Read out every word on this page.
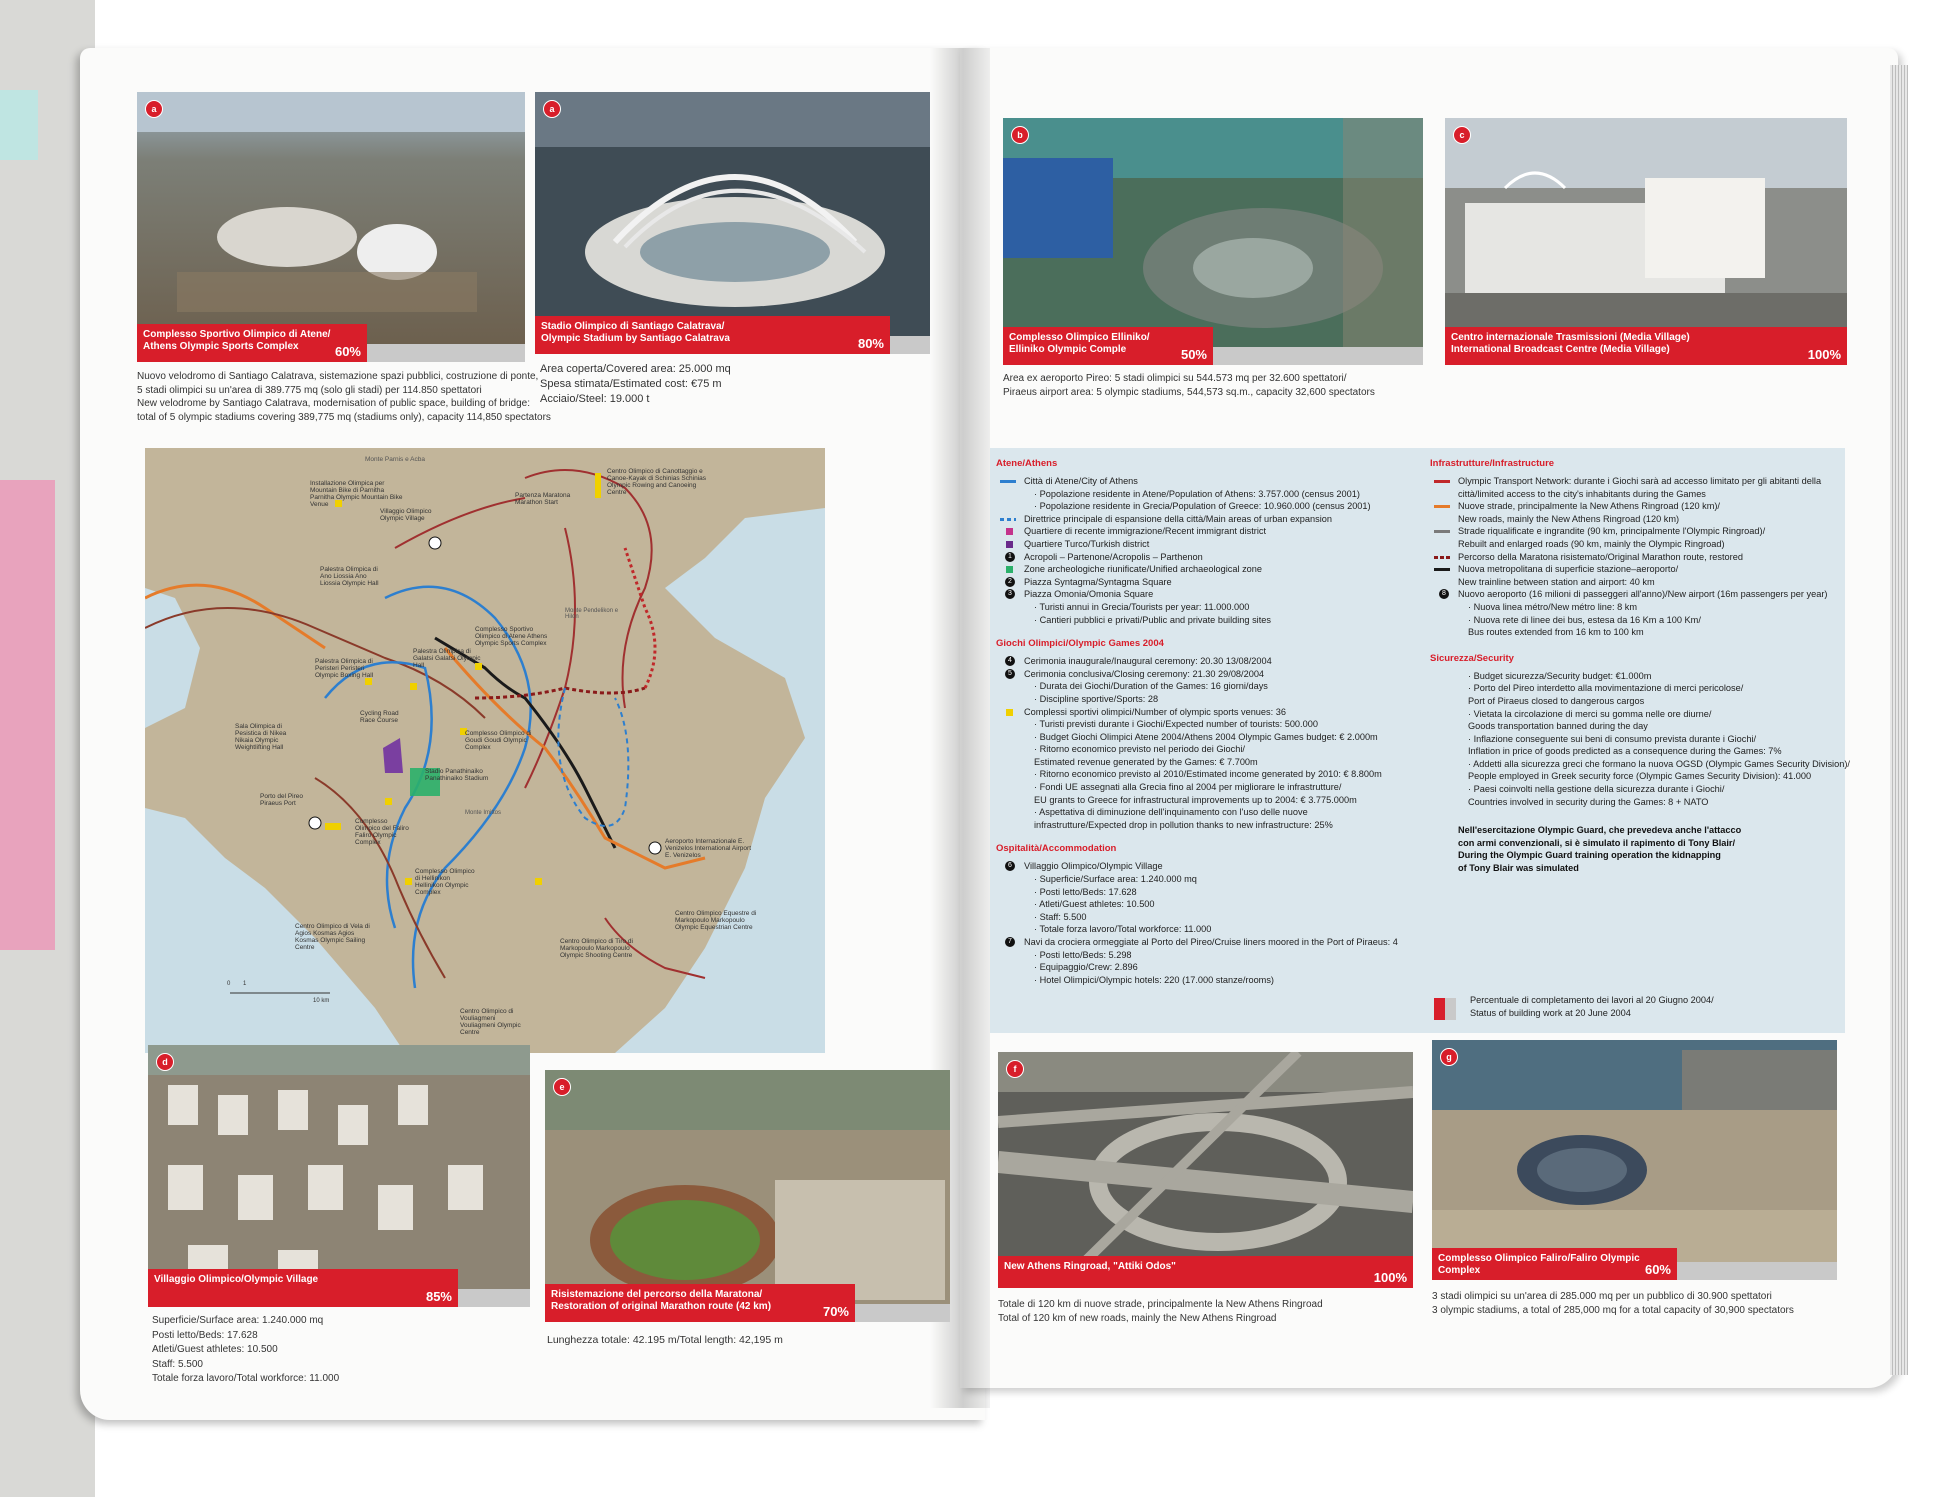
a
Complesso Sportivo Olimpico di Atene/
Athens Olympic Sports Complex	60%
Nuovo velodromo di Santiago Calatrava, sistemazione spazi pubblici, costruzione di ponte,
5 stadi olimpici su un'area di 389.775 mq (solo gli stadi) per 114.850 spettatori
New velodrome by Santiago Calatrava, modernisation of public space, building of bridge:
total of 5 olympic stadiums covering 389,775 mq (stadiums only), capacity 114,850 spectators
a
Stadio Olimpico di Santiago Calatrava/
Olympic Stadium by Santiago Calatrava	80%
Area coperta/Covered area: 25.000 mq
Spesa stimata/Estimated cost: €75 m
Acciaio/Steel: 19.000 t
b
Complesso Olimpico Elliniko/
Elliniko Olympic Comple	50%
Area ex aeroporto Pireo: 5 stadi olimpici su 544.573 mq per 32.600 spettatori/
Piraeus airport area: 5 olympic stadiums, 544,573 sq.m., capacity 32,600 spectators
c
Centro internazionale Trasmissioni (Media Village)
International Broadcast Centre (Media Village)	100%
Monte Parnis e Acba
Installazione Olimpica per Mountain Bike di Parnitha Parnitha Olympic Mountain Bike Venue
Villaggio Olimpico Olympic Village
Partenza Maratona Marathon Start
Centro Olimpico di Canottaggio e Canoe-Kayak di Schinias Schinias Olympic Rowing and Canoeing Centre
Palestra Olimpica di Ano Liossia Ano Liossia Olympic Hall
Complesso Sportivo Olimpico di Atene Athens Olympic Sports Complex
Monte Pendelikon e Hilon
Palestra Olimpica di Peristeri Peristeri Olympic Boxing Hall
Palestra Olimpica di Galatsi Galatsi Olympic Hall
Cycling Road Race Course
Sala Olimpica di Pesistica di Nikea Nikaia Olympic Weightlifting Hall
Complesso Olimpico di Goudi Goudi Olympic Complex
Stadio Panathinaiko Panathinaiko Stadium
Monte Imittos
Porto del Pireo Piraeus Port
Complesso Olimpico del Faliro Faliro Olympic Complex	Aeroporto Internazionale E. Venizelos International Airport E. Venizelos
Complesso Olimpico di Hellinikon Hellinikon Olympic Complex
Centro Olimpico Equestre di Markopoulo Markopoulo Olympic Equestrian Centre
Centro Olimpico di Vela di Agios Kosmas Agios Kosmas Olympic Sailing Centre
Centro Olimpico di Tiro di Markopoulo Markopoulo Olympic Shooting Centre
Centro Olimpico di Vouliagmeni Vouliagmeni Olympic Centre
0 1
10 km
Atene/Athens
Città di Atene/City of Athens
· Popolazione residente in Atene/Population of Athens: 3.757.000 (census 2001)
· Popolazione residente in Grecia/Population of Greece: 10.960.000 (census 2001)
Direttrice principale di espansione della città/Main areas of urban expansion
Quartiere di recente immigrazione/Recent immigrant district
Quartiere Turco/Turkish district
1	Acropoli – Partenone/Acropolis – Parthenon
Zone archeologiche riunificate/Unified archaeological zone
2	Piazza Syntagma/Syntagma Square
3	Piazza Omonia/Omonia Square
· Turisti annui in Grecia/Tourists per year: 11.000.000
· Cantieri pubblici e privati/Public and private building sites
Giochi Olimpici/Olympic Games 2004
4	Cerimonia inaugurale/Inaugural ceremony: 20.30 13/08/2004
5	Cerimonia conclusiva/Closing ceremony: 21.30 29/08/2004
· Durata dei Giochi/Duration of the Games: 16 giorni/days
· Discipline sportive/Sports: 28
Complessi sportivi olimpici/Number of olympic sports venues: 36
· Turisti previsti durante i Giochi/Expected number of tourists: 500.000
· Budget Giochi Olimpici Atene 2004/Athens 2004 Olympic Games budget: € 2.000m
· Ritorno economico previsto nel periodo dei Giochi/
Estimated revenue generated by the Games: € 7.700m
· Ritorno economico previsto al 2010/Estimated income generated by 2010: € 8.800m
· Fondi UE assegnati alla Grecia fino al 2004 per migliorare le infrastrutture/
EU grants to Greece for infrastructural improvements up to 2004: € 3.775.000m
· Aspettativa di diminuzione dell'inquinamento con l'uso delle nuove
infrastrutture/Expected drop in pollution thanks to new infrastructure: 25%
Ospitalità/Accommodation
6	Villaggio Olimpico/Olympic Village
· Superficie/Surface area: 1.240.000 mq
· Posti letto/Beds: 17.628
· Atleti/Guest athletes: 10.500
· Staff: 5.500
· Totale forza lavoro/Total workforce: 11.000
7	Navi da crociera ormeggiate al Porto del Pireo/Cruise liners moored in the Port of Piraeus: 4
· Posti letto/Beds: 5.298
· Equipaggio/Crew: 2.896
· Hotel Olimpici/Olympic hotels: 220 (17.000 stanze/rooms)
Infrastrutture/Infrastructure
Olympic Transport Network: durante i Giochi sarà ad accesso limitato per gli abitanti della
città/limited access to the city's inhabitants during the Games
Nuove strade, principalmente la New Athens Ringroad (120 km)/
New roads, mainly the New Athens Ringroad (120 km)
Strade riqualificate e ingrandite (90 km, principalmente l'Olympic Ringroad)/
Rebuilt and enlarged roads (90 km, mainly the Olympic Ringroad)
Percorso della Maratona risistemato/Original Marathon route, restored
Nuova metropolitana di superficie stazione–aeroporto/
New trainline between station and airport: 40 km
8	Nuovo aeroporto (16 milioni di passeggeri all'anno)/New airport (16m passengers per year)
· Nuova linea métro/New métro line: 8 km
· Nuova rete di linee dei bus, estesa da 16 Km a 100 Km/
Bus routes extended from 16 km to 100 km
Sicurezza/Security
· Budget sicurezza/Security budget: €1.000m
· Porto del Pireo interdetto alla movimentazione di merci pericolose/
Port of Piraeus closed to dangerous cargos
· Vietata la circolazione di merci su gomma nelle ore diurne/
Goods transportation banned during the day
· Inflazione conseguente sui beni di consumo prevista durante i Giochi/
Inflation in price of goods predicted as a consequence during the Games: 7%
· Addetti alla sicurezza greci che formano la nuova OGSD (Olympic Games Security Division)/
People employed in Greek security force (Olympic Games Security Division): 41.000
· Paesi coinvolti nella gestione della sicurezza durante i Giochi/
Countries involved in security during the Games: 8 + NATO
Nell'esercitazione Olympic Guard, che prevedeva anche l'attacco
con armi convenzionali, si è simulato il rapimento di Tony Blair/
During the Olympic Guard training operation the kidnapping
of Tony Blair was simulated
Percentuale di completamento dei lavori al 20 Giugno 2004/
Status of building work at 20 June 2004
d
Villaggio Olimpico/Olympic Village
85%
Superficie/Surface area: 1.240.000 mq
Posti letto/Beds: 17.628
Atleti/Guest athletes: 10.500
Staff: 5.500
Totale forza lavoro/Total workforce: 11.000
e
Risistemazione del percorso della Maratona/
Restoration of original Marathon route (42 km)	70%
Lunghezza totale: 42.195 m/Total length: 42,195 m
f
New Athens Ringroad, "Attiki Odos"
100%
Totale di 120 km di nuove strade, principalmente la New Athens Ringroad
Total of 120 km of new roads, mainly the New Athens Ringroad
g
Complesso Olimpico Faliro/Faliro Olympic Complex	60%
3 stadi olimpici su un'area di 285.000 mq per un pubblico di 30.900 spettatori
3 olympic stadiums, a total of 285,000 mq for a total capacity of 30,900 spectators
